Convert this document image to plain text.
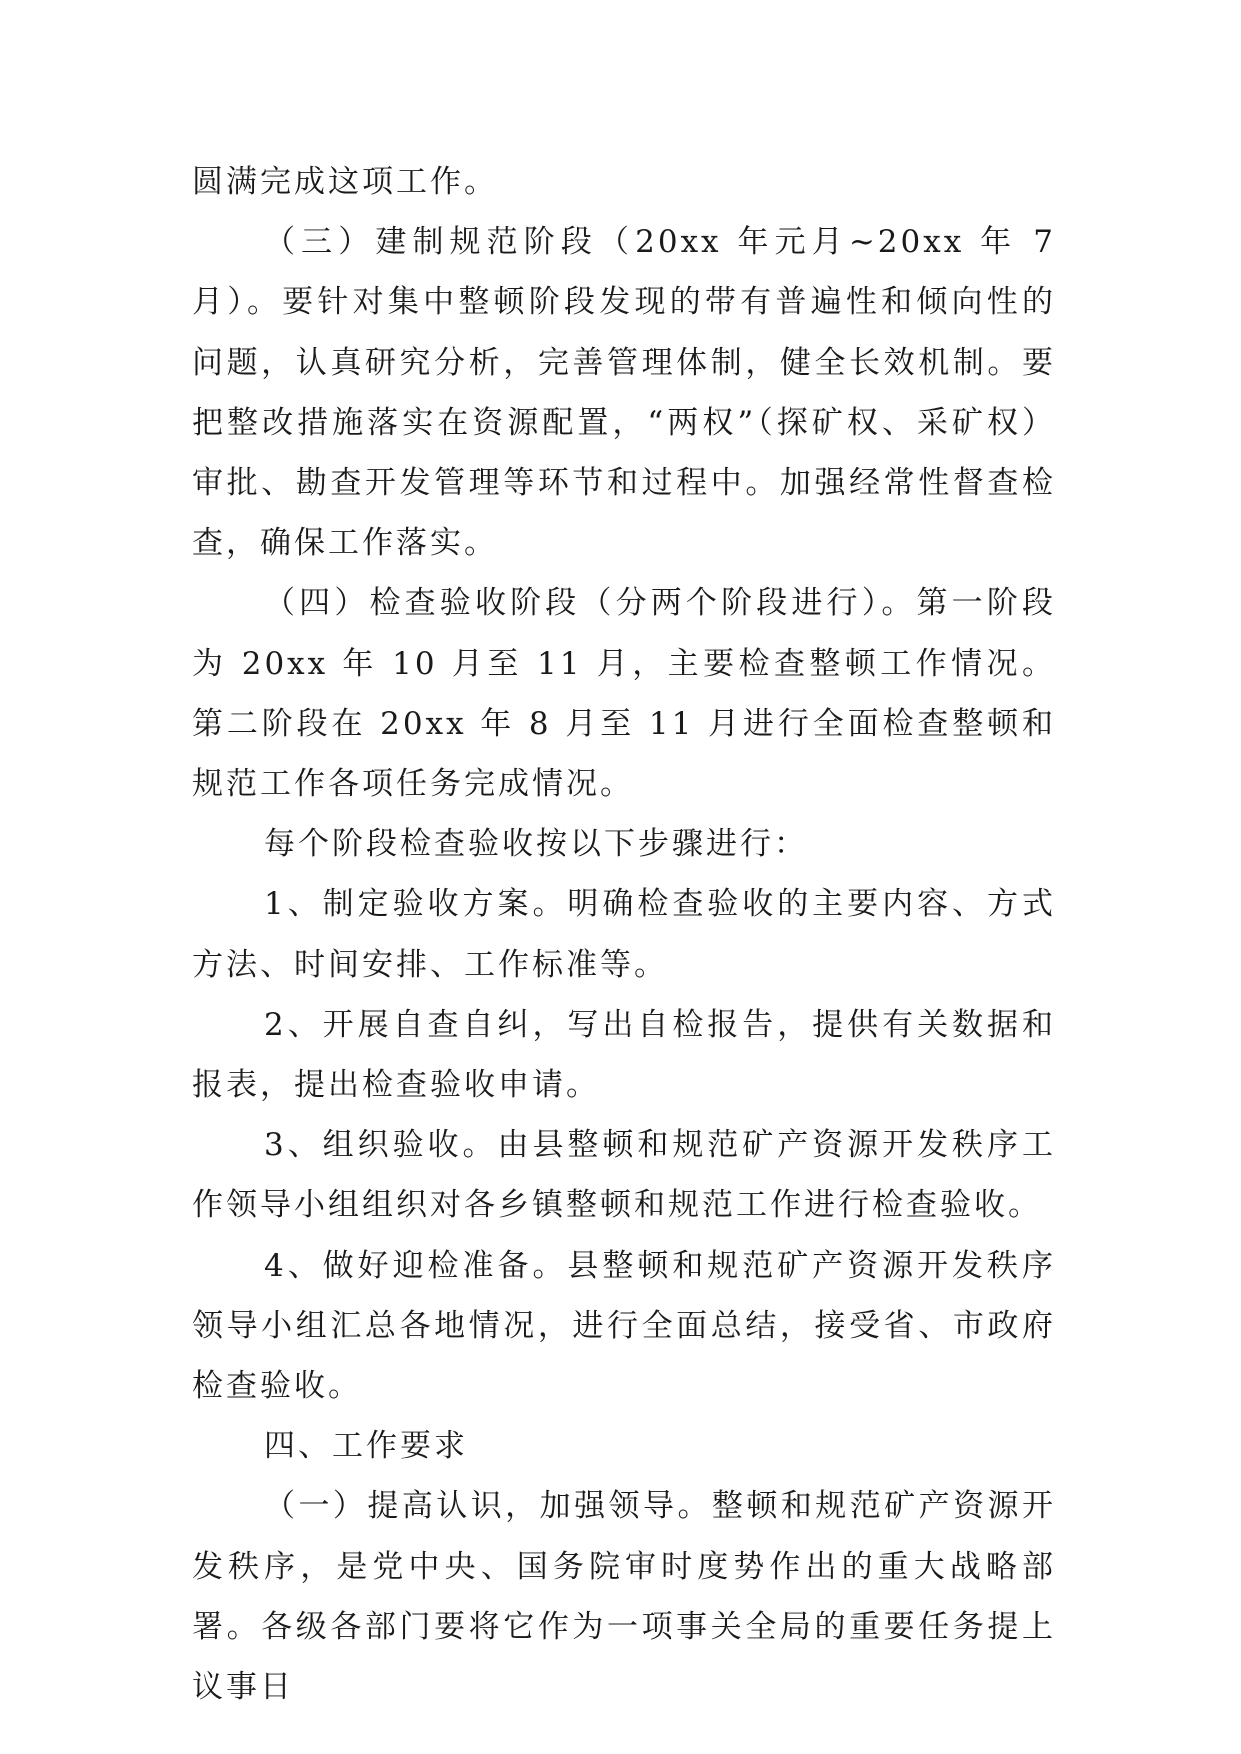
圆满完成这项工作。

（三）建制规范阶段（20xx 年元月~20xx 年 7 月）。要针对集中整顿阶段发现的带有普遍性和倾向性的问题，认真研究分析，完善管理体制，健全长效机制。要把整改措施落实在资源配置，“两权”（探矿权、采矿权）审批、勘查开发管理等环节和过程中。加强经常性督查检查，确保工作落实。

（四）检查验收阶段（分两个阶段进行）。第一阶段为 20xx 年 10 月至 11 月，主要检查整顿工作情况。第二阶段在 20xx 年 8 月至 11 月进行全面检查整顿和规范工作各项任务完成情况。

每个阶段检查验收按以下步骤进行：

1、制定验收方案。明确检查验收的主要内容、方式方法、时间安排、工作标准等。

2、开展自查自纠，写出自检报告，提供有关数据和报表，提出检查验收申请。

3、组织验收。由县整顿和规范矿产资源开发秩序工作领导小组组织对各乡镇整顿和规范工作进行检查验收。

4、做好迎检准备。县整顿和规范矿产资源开发秩序领导小组汇总各地情况，进行全面总结，接受省、市政府检查验收。

四、工作要求

（一）提高认识，加强领导。整顿和规范矿产资源开发秩序，是党中央、国务院审时度势作出的重大战略部署。各级各部门要将它作为一项事关全局的重要任务提上议事日
